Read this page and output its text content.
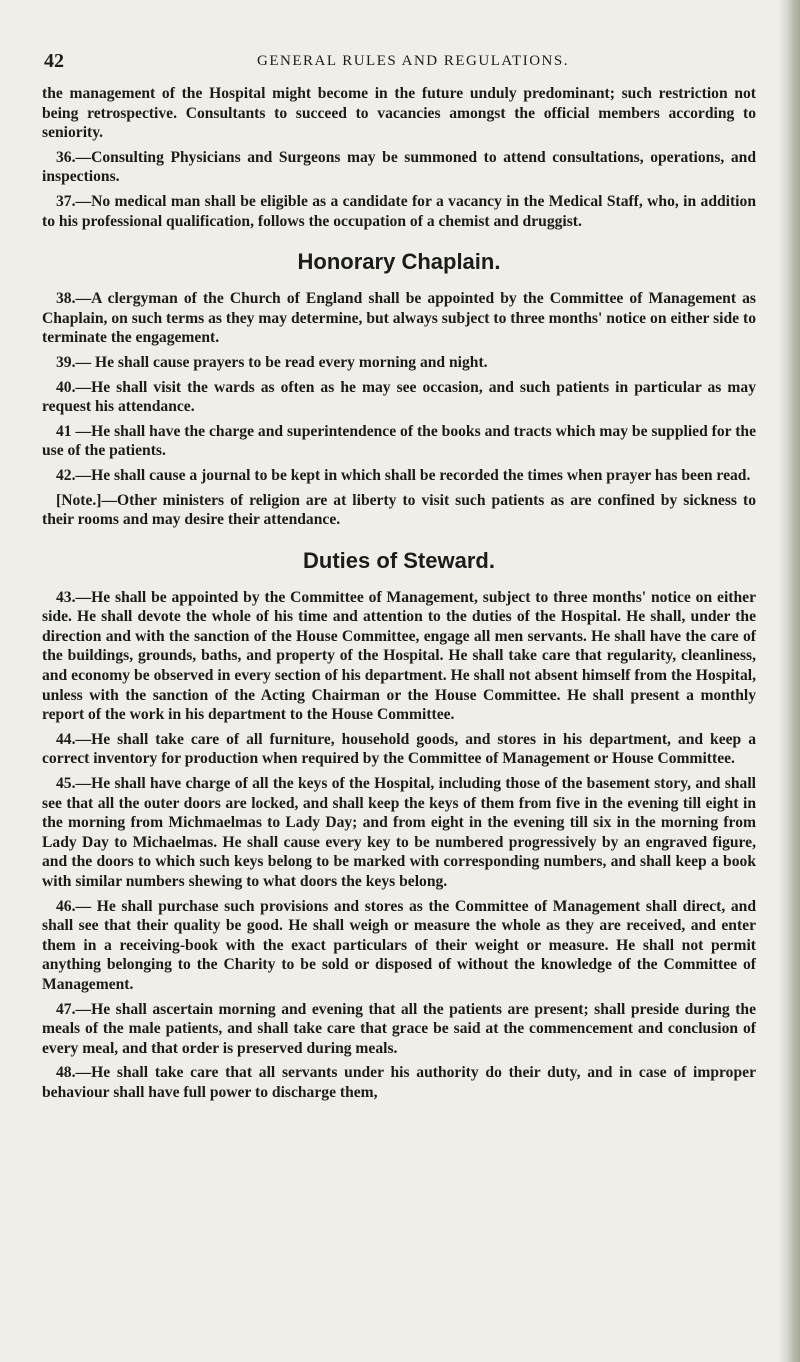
42	GENERAL RULES AND REGULATIONS.

the management of the Hospital might become in the future unduly predominant; such restriction not being retrospective. Consultants to succeed to vacancies amongst the official members according to seniority.

36.—Consulting Physicians and Surgeons may be summoned to attend consultations, operations, and inspections.

37.—No medical man shall be eligible as a candidate for a vacancy in the Medical Staff, who, in addition to his professional qualification, follows the occupation of a chemist and druggist.

Honorary Chaplain.

38.—A clergyman of the Church of England shall be appointed by the Committee of Management as Chaplain, on such terms as they may determine, but always subject to three months' notice on either side to terminate the engagement.

39.— He shall cause prayers to be read every morning and night.

40.—He shall visit the wards as often as he may see occasion, and such patients in particular as may request his attendance.

41 —He shall have the charge and superintendence of the books and tracts which may be supplied for the use of the patients.

42.—He shall cause a journal to be kept in which shall be recorded the times when prayer has been read.

[Note.]—Other ministers of religion are at liberty to visit such patients as are confined by sickness to their rooms and may desire their attendance.

Duties of Steward.

43.—He shall be appointed by the Committee of Management, subject to three months' notice on either side. He shall devote the whole of his time and attention to the duties of the Hospital. He shall, under the direction and with the sanction of the House Committee, engage all men servants. He shall have the care of the buildings, grounds, baths, and property of the Hospital. He shall take care that regularity, cleanliness, and economy be observed in every section of his department. He shall not absent himself from the Hospital, unless with the sanction of the Acting Chairman or the House Committee. He shall present a monthly report of the work in his department to the House Committee.

44.—He shall take care of all furniture, household goods, and stores in his department, and keep a correct inventory for production when required by the Committee of Management or House Committee.

45.—He shall have charge of all the keys of the Hospital, including those of the basement story, and shall see that all the outer doors are locked, and shall keep the keys of them from five in the evening till eight in the morning from Michmaelmas to Lady Day; and from eight in the evening till six in the morning from Lady Day to Michaelmas. He shall cause every key to be numbered progressively by an engraved figure, and the doors to which such keys belong to be marked with corresponding numbers, and shall keep a book with similar numbers shewing to what doors the keys belong.

46.— He shall purchase such provisions and stores as the Committee of Management shall direct, and shall see that their quality be good. He shall weigh or measure the whole as they are received, and enter them in a receiving-book with the exact particulars of their weight or measure. He shall not permit anything belonging to the Charity to be sold or disposed of without the knowledge of the Committee of Management.

47.—He shall ascertain morning and evening that all the patients are present; shall preside during the meals of the male patients, and shall take care that grace be said at the commencement and conclusion of every meal, and that order is preserved during meals.

48.—He shall take care that all servants under his authority do their duty, and in case of improper behaviour shall have full power to discharge them,
